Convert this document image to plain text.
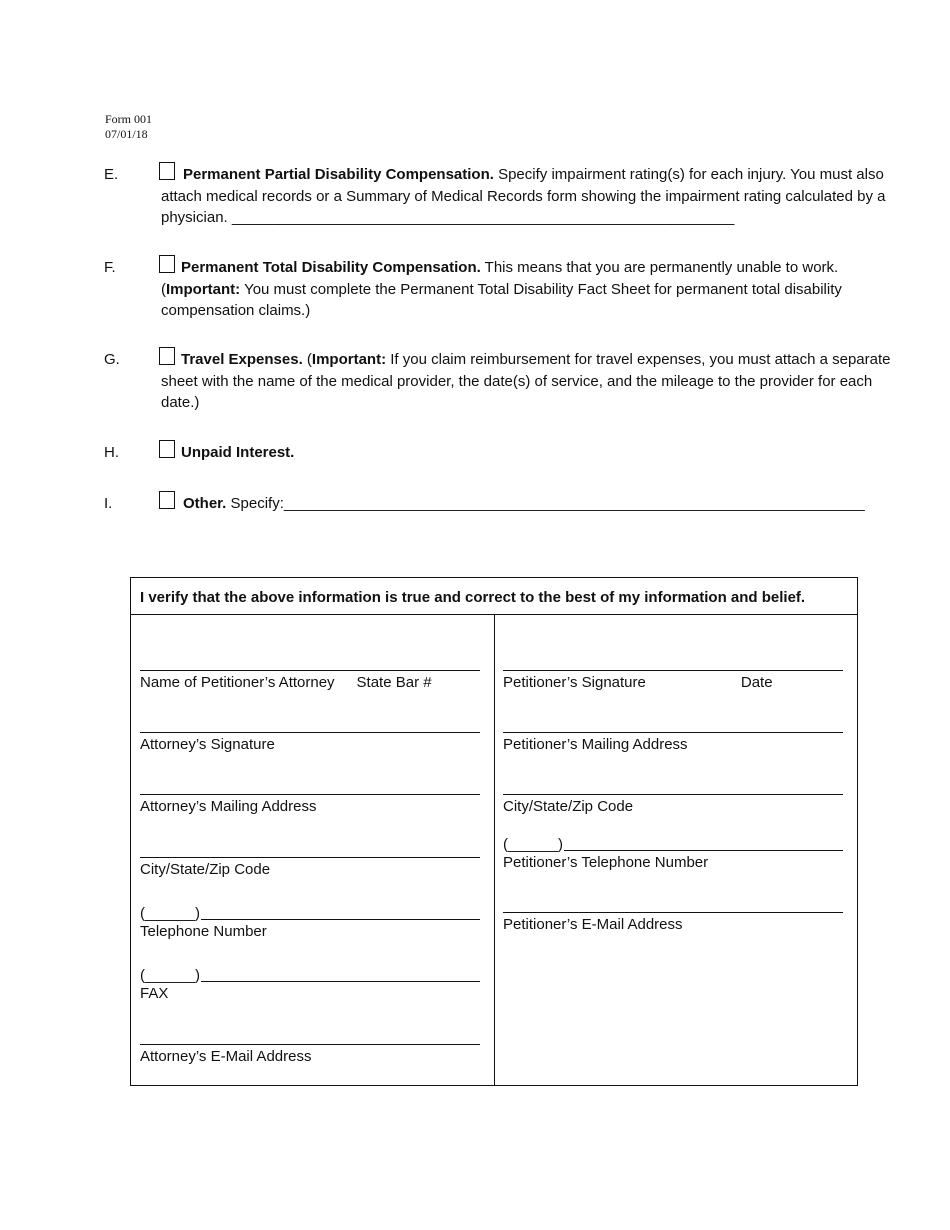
Form 001
07/01/18
E.	Permanent Partial Disability Compensation. Specify impairment rating(s) for each injury. You must also attach medical records or a Summary of Medical Records form showing the impairment rating calculated by a physician. ________________________________________________________________
F.	Permanent Total Disability Compensation. This means that you are permanently unable to work. (Important: You must complete the Permanent Total Disability Fact Sheet for permanent total disability compensation claims.)
G.	Travel Expenses. (Important: If you claim reimbursement for travel expenses, you must attach a separate sheet with the name of the medical provider, the date(s) of service, and the mileage to the provider for each date.)
H.	Unpaid Interest.
I.	Other. Specify:__________________________________________________________________________
I verify that the above information is true and correct to the best of my information and belief.
Name of Petitioner’s Attorney State Bar #
Attorney’s Signature
Attorney’s Mailing Address
City/State/Zip Code
(______)
Telephone Number
(______)
FAX
Attorney’s E-Mail Address
Petitioner’s Signature	Date
Petitioner’s Mailing Address
City/State/Zip Code
(______)
Petitioner’s Telephone Number
Petitioner’s E-Mail Address
